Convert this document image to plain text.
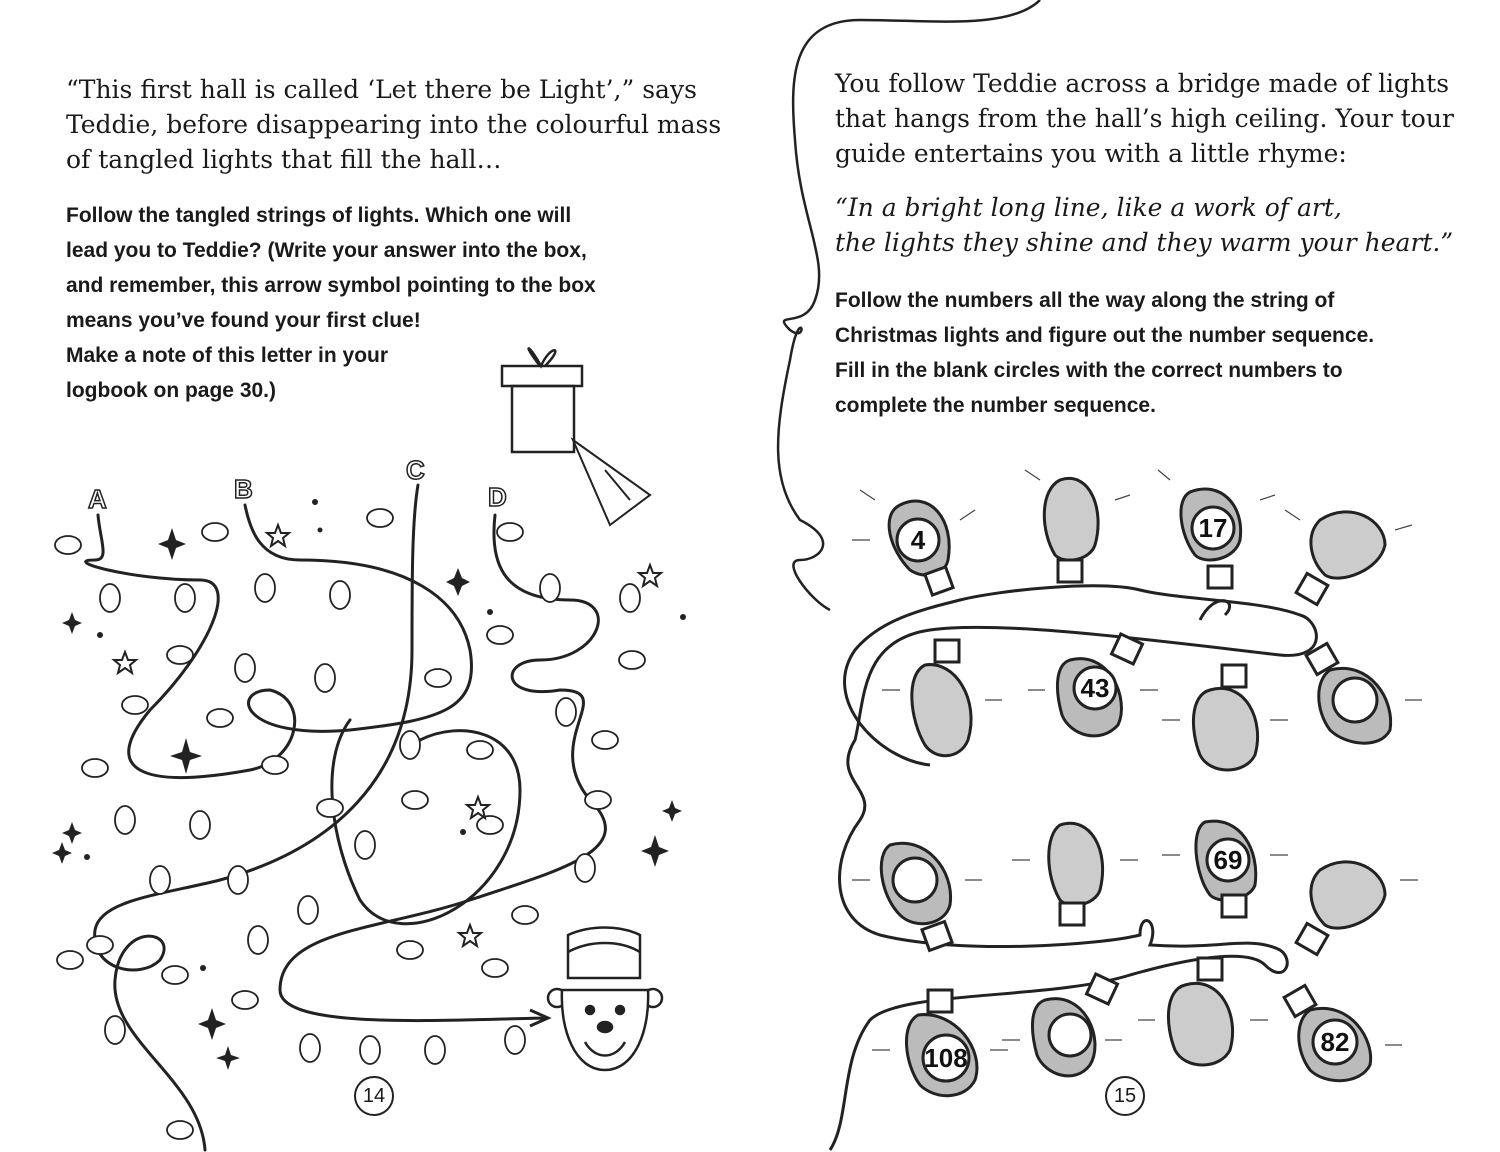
4	17
43
69
108
82
“This first hall is called ‘Let there be Light’,” says
Teddie, before disappearing into the colourful mass
of tangled lights that fill the hall…
Follow the tangled strings of lights. Which one will
lead you to Teddie? (Write your answer into the box,
and remember, this arrow symbol pointing to the box
means you’ve found your first clue!
Make a note of this letter in your
logbook on page 30.)
A	B
C
D
14
You follow Teddie across a bridge made of lights
that hangs from the hall’s high ceiling. Your tour
guide entertains you with a little rhyme:
“In a bright long line, like a work of art,
the lights they shine and they warm your heart.”
Follow the numbers all the way along the string of
Christmas lights and figure out the number sequence.
Fill in the blank circles with the correct numbers to
complete the number sequence.
15
